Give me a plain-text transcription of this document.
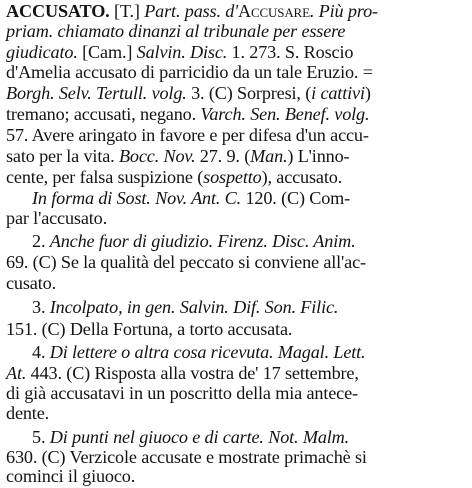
ACCUSATO. [T.] Part. pass. d'Accusare. Più pro-
priam. chiamato dinanzi al tribunale per essere
giudicato. [Cam.] Salvin. Disc. 1. 273. S. Roscio
d'Amelia accusato di parricidio da un tale Eruzio. =
Borgh. Selv. Tertull. volg. 3. (C) Sorpresi, (i cattivi)
tremano; accusati, negano. Varch. Sen. Benef. volg.
57. Avere aringato in favore e per difesa d'un accu-
sato per la vita. Bocc. Nov. 27. 9. (Man.) L'inno-
cente, per falsa suspizione (sospetto), accusato.
In forma di Sost. Nov. Ant. C. 120. (C) Com-
par l'accusato.
2. Anche fuor di giudizio. Firenz. Disc. Anim.
69. (C) Se la qualità del peccato si conviene all'ac-
cusato.
3. Incolpato, in gen. Salvin. Dif. Son. Filic.
151. (C) Della Fortuna, a torto accusata.
4. Di lettere o altra cosa ricevuta. Magal. Lett.
At. 443. (C) Risposta alla vostra de' 17 settembre,
di già accusatavi in un poscritto della mia antece-
dente.
5. Di punti nel giuoco e di carte. Not. Malm.
630. (C) Verzicole accusate e mostrate primachè si
cominci il giuoco.
